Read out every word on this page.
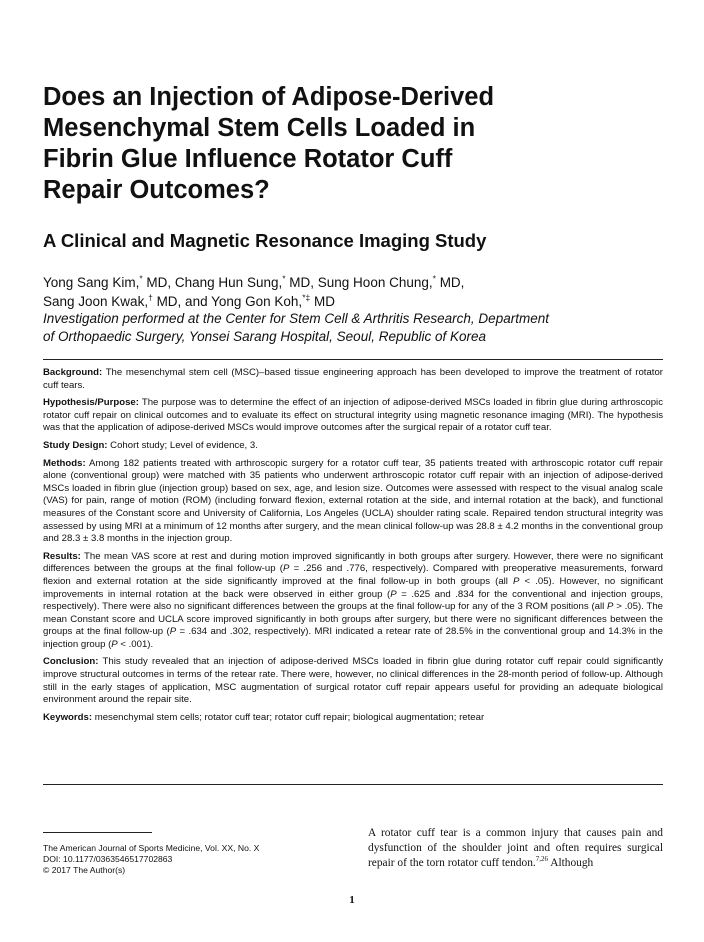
Does an Injection of Adipose-Derived
Mesenchymal Stem Cells Loaded in
Fibrin Glue Influence Rotator Cuff
Repair Outcomes?
A Clinical and Magnetic Resonance Imaging Study

Yong Sang Kim,* MD, Chang Hun Sung,* MD, Sung Hoon Chung,* MD,
Sang Joon Kwak,† MD, and Yong Gon Koh,*‡ MD

Investigation performed at the Center for Stem Cell & Arthritis Research, Department
of Orthopaedic Surgery, Yonsei Sarang Hospital, Seoul, Republic of Korea

Background: The mesenchymal stem cell (MSC)–based tissue engineering approach has been developed to improve the treatment of rotator cuff tears.

Hypothesis/Purpose: The purpose was to determine the effect of an injection of adipose-derived MSCs loaded in fibrin glue during arthroscopic rotator cuff repair on clinical outcomes and to evaluate its effect on structural integrity using magnetic resonance imaging (MRI). The hypothesis was that the application of adipose-derived MSCs would improve outcomes after the surgical repair of a rotator cuff tear.

Study Design: Cohort study; Level of evidence, 3.

Methods: Among 182 patients treated with arthroscopic surgery for a rotator cuff tear, 35 patients treated with arthroscopic rotator cuff repair alone (conventional group) were matched with 35 patients who underwent arthroscopic rotator cuff repair with an injection of adipose-derived MSCs loaded in fibrin glue (injection group) based on sex, age, and lesion size. Outcomes were assessed with respect to the visual analog scale (VAS) for pain, range of motion (ROM) (including forward flexion, external rotation at the side, and internal rotation at the back), and functional measures of the Constant score and University of California, Los Angeles (UCLA) shoulder rating scale. Repaired tendon structural integrity was assessed by using MRI at a minimum of 12 months after surgery, and the mean clinical follow-up was 28.8 ± 4.2 months in the conventional group and 28.3 ± 3.8 months in the injection group.

Results: The mean VAS score at rest and during motion improved significantly in both groups after surgery. However, there were no significant differences between the groups at the final follow-up (P = .256 and .776, respectively). Compared with preoperative measurements, forward flexion and external rotation at the side significantly improved at the final follow-up in both groups (all P < .05). However, no significant improvements in internal rotation at the back were observed in either group (P = .625 and .834 for the conventional and injection groups, respectively). There were also no significant differences between the groups at the final follow-up for any of the 3 ROM positions (all P > .05). The mean Constant score and UCLA score improved significantly in both groups after surgery, but there were no significant differences between the groups at the final follow-up (P = .634 and .302, respectively). MRI indicated a retear rate of 28.5% in the conventional group and 14.3% in the injection group (P < .001).

Conclusion: This study revealed that an injection of adipose-derived MSCs loaded in fibrin glue during rotator cuff repair could significantly improve structural outcomes in terms of the retear rate. There were, however, no clinical differences in the 28-month period of follow-up. Although still in the early stages of application, MSC augmentation of surgical rotator cuff repair appears useful for providing an adequate biological environment around the repair site.

Keywords: mesenchymal stem cells; rotator cuff tear; rotator cuff repair; biological augmentation; retear

The American Journal of Sports Medicine, Vol. XX, No. X
DOI: 10.1177/0363546517702863
© 2017 The Author(s)

A rotator cuff tear is a common injury that causes pain and dysfunction of the shoulder joint and often requires surgical repair of the torn rotator cuff tendon.$^{7,26}$ Although

1
